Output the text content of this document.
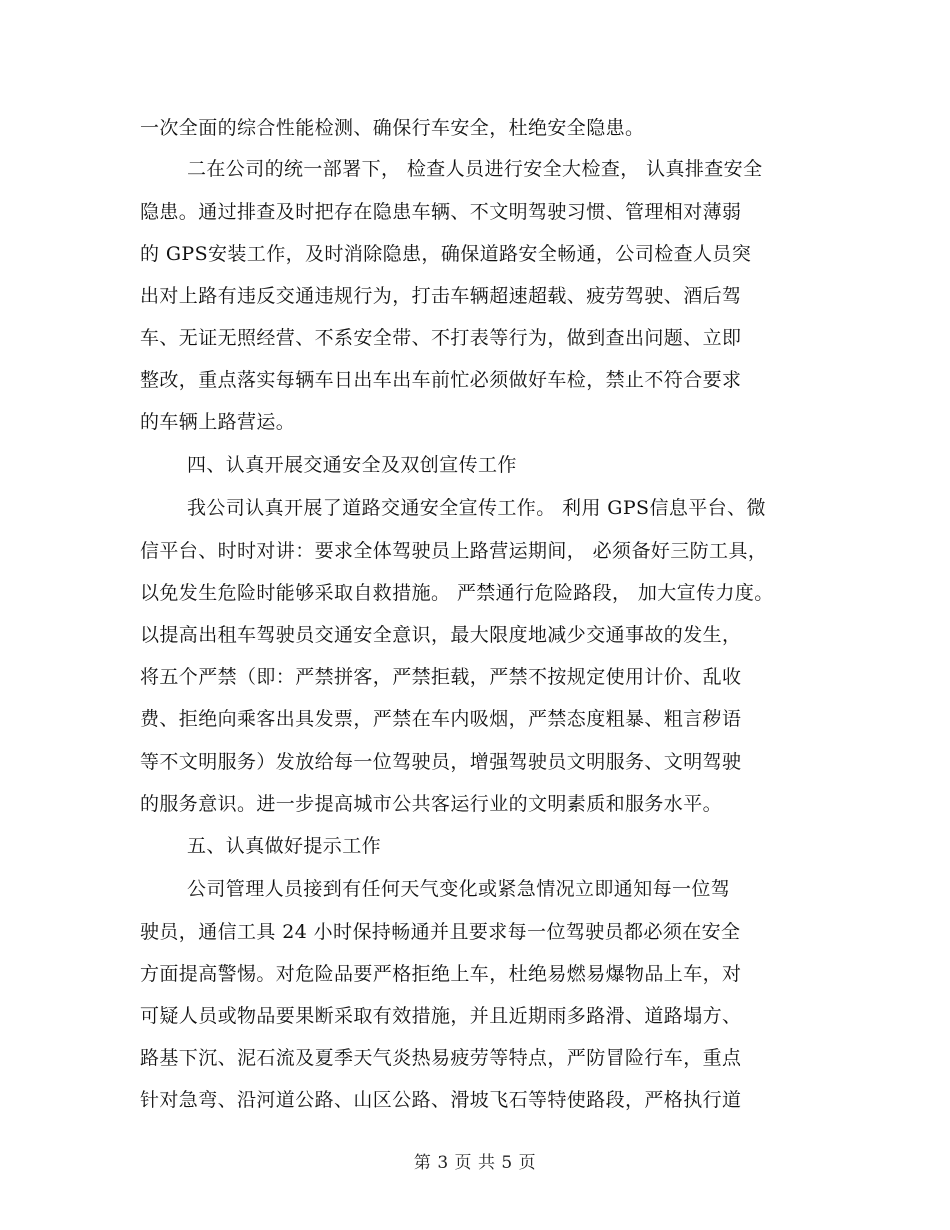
一次全面的综合性能检测、确保行车安全，杜绝安全隐患。
二在公司的统一部署下， 检查人员进行安全大检查， 认真排查安全
隐患。通过排查及时把存在隐患车辆、不文明驾驶习惯、管理相对薄弱
的 GPS安装工作，及时消除隐患，确保道路安全畅通，公司检查人员突
出对上路有违反交通违规行为，打击车辆超速超载、疲劳驾驶、酒后驾
车、无证无照经营、不系安全带、不打表等行为，做到查出问题、立即
整改，重点落实每辆车日出车出车前忙必须做好车检，禁止不符合要求
的车辆上路营运。
四、认真开展交通安全及双创宣传工作
我公司认真开展了道路交通安全宣传工作。 利用 GPS信息平台、微
信平台、时时对讲：要求全体驾驶员上路营运期间， 必须备好三防工具，
以免发生危险时能够采取自救措施。 严禁通行危险路段， 加大宣传力度。
以提高出租车驾驶员交通安全意识，最大限度地减少交通事故的发生，
将五个严禁（即：严禁拼客，严禁拒载，严禁不按规定使用计价、乱收
费、拒绝向乘客出具发票，严禁在车内吸烟，严禁态度粗暴、粗言秽语
等不文明服务）发放给每一位驾驶员，增强驾驶员文明服务、文明驾驶
的服务意识。进一步提高城市公共客运行业的文明素质和服务水平。
五、认真做好提示工作
公司管理人员接到有任何天气变化或紧急情况立即通知每一位驾
驶员，通信工具 24 小时保持畅通并且要求每一位驾驶员都必须在安全
方面提高警惕。对危险品要严格拒绝上车，杜绝易燃易爆物品上车，对
可疑人员或物品要果断采取有效措施，并且近期雨多路滑、道路塌方、
路基下沉、泥石流及夏季天气炎热易疲劳等特点，严防冒险行车，重点
针对急弯、沿河道公路、山区公路、滑坡飞石等特使路段，严格执行道
第 3 页 共 5 页
